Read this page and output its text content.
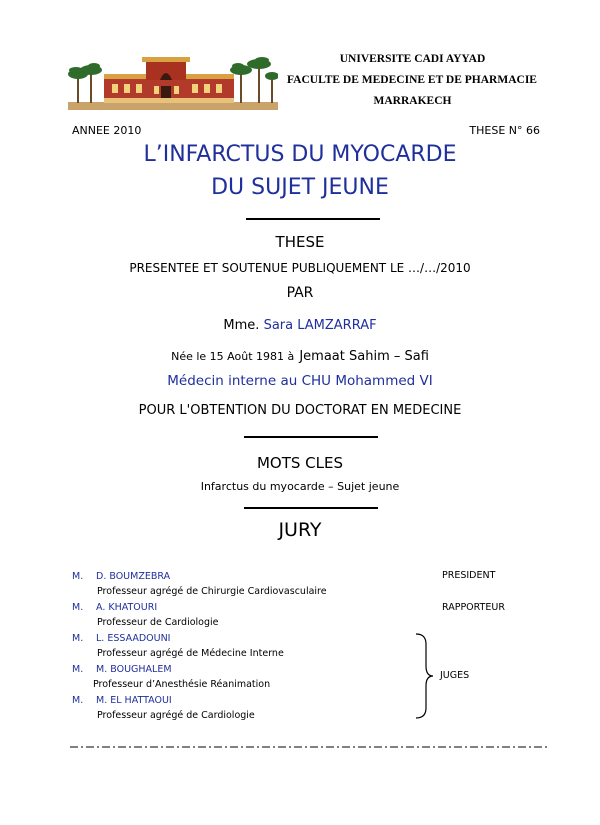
UNIVERSITE CADI AYYAD
FACULTE DE MEDECINE ET DE PHARMACIE
MARRAKECH
ANNEE 2010	THESE N° 66
L’INFARCTUS DU MYOCARDE
DU SUJET JEUNE
THESE
PRESENTEE ET SOUTENUE PUBLIQUEMENT LE …/…/2010
PAR
Mme. Sara LAMZARRAF
Née le 15 Août 1981 à Jemaat Sahim – Safi
Médecin interne au CHU Mohammed VI
POUR L'OBTENTION DU DOCTORAT EN MEDECINE
MOTS CLES
Infarctus du myocarde – Sujet jeune
JURY
M. D. BOUMZEBRA
Professeur agrégé de Chirurgie Cardiovasculaire
PRESIDENT
M. A. KHATOURI
Professeur de Cardiologie
RAPPORTEUR
M. L. ESSAADOUNI
Professeur agrégé de Médecine Interne
M. M. BOUGHALEM
Professeur d’Anesthésie Réanimation
M. M. EL HATTAOUI
Professeur agrégé de Cardiologie
JUGES
